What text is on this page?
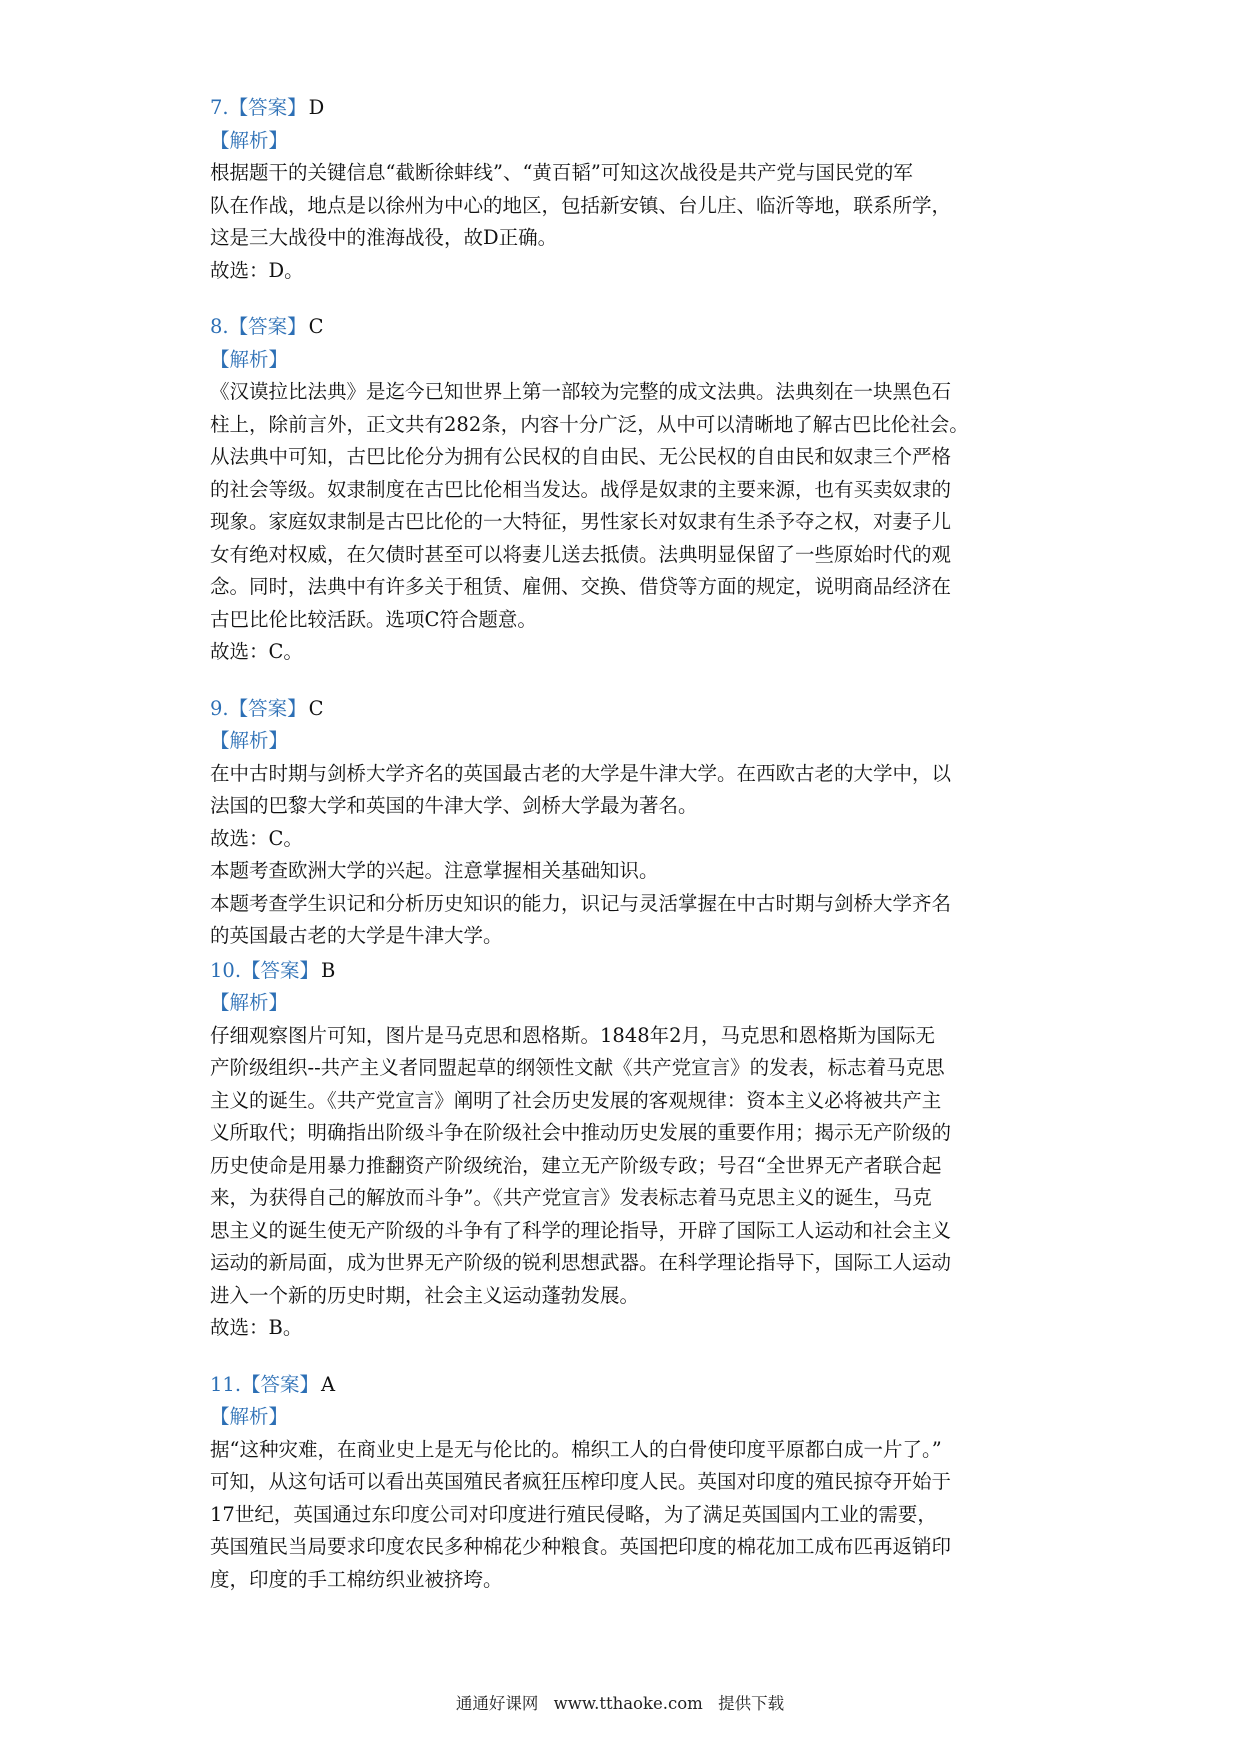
7.【答案】 D
【解析】
根据题干的关键信息“截断徐蚌线”、“黄百韬”可知这次战役是共产党与国民党的军
队在作战，地点是以徐州为中心的地区，包括新安镇、台儿庄、临沂等地，联系所学，
这是三大战役中的淮海战役，故D正确。
故选：D。
8.【答案】 C
【解析】
《汉谟拉比法典》是迄今已知世界上第一部较为完整的成文法典。法典刻在一块黑色石
柱上，除前言外，正文共有282条，内容十分广泛，从中可以清晰地了解古巴比伦社会。
从法典中可知，古巴比伦分为拥有公民权的自由民、无公民权的自由民和奴隶三个严格
的社会等级。奴隶制度在古巴比伦相当发达。战俘是奴隶的主要来源，也有买卖奴隶的
现象。家庭奴隶制是古巴比伦的一大特征，男性家长对奴隶有生杀予夺之权，对妻子儿
女有绝对权威，在欠债时甚至可以将妻儿送去抵债。法典明显保留了一些原始时代的观
念。同时，法典中有许多关于租赁、雇佣、交换、借贷等方面的规定，说明商品经济在
古巴比伦比较活跃。选项C符合题意。
故选：C。
9.【答案】 C
【解析】
在中古时期与剑桥大学齐名的英国最古老的大学是牛津大学。在西欧古老的大学中，以
法国的巴黎大学和英国的牛津大学、剑桥大学最为著名。
故选：C。
本题考查欧洲大学的兴起。注意掌握相关基础知识。
本题考查学生识记和分析历史知识的能力，识记与灵活掌握在中古时期与剑桥大学齐名
的英国最古老的大学是牛津大学。
10.【答案】 B
【解析】
仔细观察图片可知，图片是马克思和恩格斯。1848年2月，马克思和恩格斯为国际无
产阶级组织--共产主义者同盟起草的纲领性文献《共产党宣言》的发表，标志着马克思
主义的诞生。《共产党宣言》阐明了社会历史发展的客观规律：资本主义必将被共产主
义所取代；明确指出阶级斗争在阶级社会中推动历史发展的重要作用；揭示无产阶级的
历史使命是用暴力推翻资产阶级统治，建立无产阶级专政；号召“全世界无产者联合起
来，为获得自己的解放而斗争”。《共产党宣言》发表标志着马克思主义的诞生，马克
思主义的诞生使无产阶级的斗争有了科学的理论指导，开辟了国际工人运动和社会主义
运动的新局面，成为世界无产阶级的锐利思想武器。在科学理论指导下，国际工人运动
进入一个新的历史时期，社会主义运动蓬勃发展。
故选：B。
11.【答案】 A
【解析】
据“这种灾难，在商业史上是无与伦比的。棉织工人的白骨使印度平原都白成一片了。”
可知，从这句话可以看出英国殖民者疯狂压榨印度人民。英国对印度的殖民掠夺开始于
17世纪，英国通过东印度公司对印度进行殖民侵略，为了满足英国国内工业的需要，
英国殖民当局要求印度农民多种棉花少种粮食。英国把印度的棉花加工成布匹再返销印
度，印度的手工棉纺织业被挤垮。
通通好课网 www.tthaoke.com 提供下载
